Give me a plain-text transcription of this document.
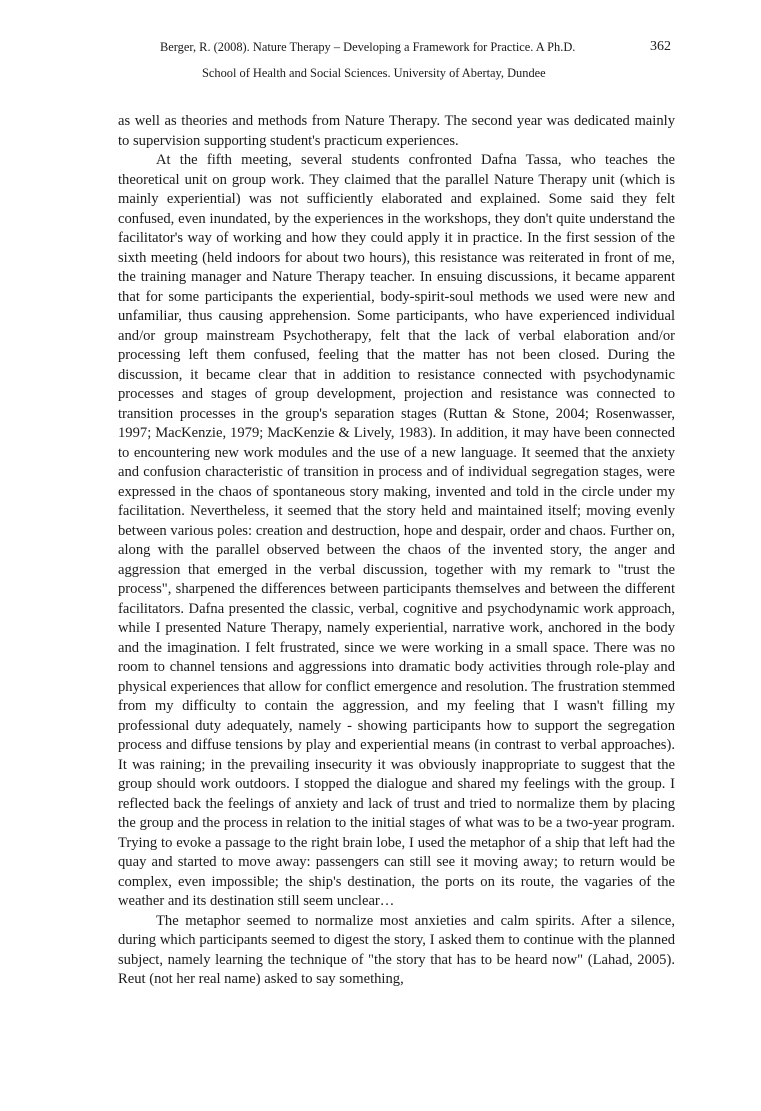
Berger, R. (2008). Nature Therapy – Developing a Framework for Practice. A Ph.D.	362
School of Health and Social Sciences. University of Abertay, Dundee

as well as theories and methods from Nature Therapy. The second year was dedicated mainly to supervision supporting student's practicum experiences.

At the fifth meeting, several students confronted Dafna Tassa, who teaches the theoretical unit on group work. They claimed that the parallel Nature Therapy unit (which is mainly experiential) was not sufficiently elaborated and explained. Some said they felt confused, even inundated, by the experiences in the workshops, they don't quite understand the facilitator's way of working and how they could apply it in practice. In the first session of the sixth meeting (held indoors for about two hours), this resistance was reiterated in front of me, the training manager and Nature Therapy teacher. In ensuing discussions, it became apparent that for some participants the experiential, body-spirit-soul methods we used were new and unfamiliar, thus causing apprehension. Some participants, who have experienced individual and/or group mainstream Psychotherapy, felt that the lack of verbal elaboration and/or processing left them confused, feeling that the matter has not been closed. During the discussion, it became clear that in addition to resistance connected with psychodynamic processes and stages of group development, projection and resistance was connected to transition processes in the group's separation stages (Ruttan & Stone, 2004; Rosenwasser, 1997; MacKenzie, 1979; MacKenzie & Lively, 1983). In addition, it may have been connected to encountering new work modules and the use of a new language. It seemed that the anxiety and confusion characteristic of transition in process and of individual segregation stages, were expressed in the chaos of spontaneous story making, invented and told in the circle under my facilitation. Nevertheless, it seemed that the story held and maintained itself; moving evenly between various poles: creation and destruction, hope and despair, order and chaos. Further on, along with the parallel observed between the chaos of the invented story, the anger and aggression that emerged in the verbal discussion, together with my remark to "trust the process", sharpened the differences between participants themselves and between the different facilitators. Dafna presented the classic, verbal, cognitive and psychodynamic work approach, while I presented Nature Therapy, namely experiential, narrative work, anchored in the body and the imagination. I felt frustrated, since we were working in a small space. There was no room to channel tensions and aggressions into dramatic body activities through role-play and physical experiences that allow for conflict emergence and resolution. The frustration stemmed from my difficulty to contain the aggression, and my feeling that I wasn't filling my professional duty adequately, namely - showing participants how to support the segregation process and diffuse tensions by play and experiential means (in contrast to verbal approaches). It was raining; in the prevailing insecurity it was obviously inappropriate to suggest that the group should work outdoors. I stopped the dialogue and shared my feelings with the group. I reflected back the feelings of anxiety and lack of trust and tried to normalize them by placing the group and the process in relation to the initial stages of what was to be a two-year program. Trying to evoke a passage to the right brain lobe, I used the metaphor of a ship that left had the quay and started to move away: passengers can still see it moving away; to return would be complex, even impossible; the ship's destination, the ports on its route, the vagaries of the weather and its destination still seem unclear…

The metaphor seemed to normalize most anxieties and calm spirits. After a silence, during which participants seemed to digest the story, I asked them to continue with the planned subject, namely learning the technique of "the story that has to be heard now" (Lahad, 2005). Reut (not her real name) asked to say something,
